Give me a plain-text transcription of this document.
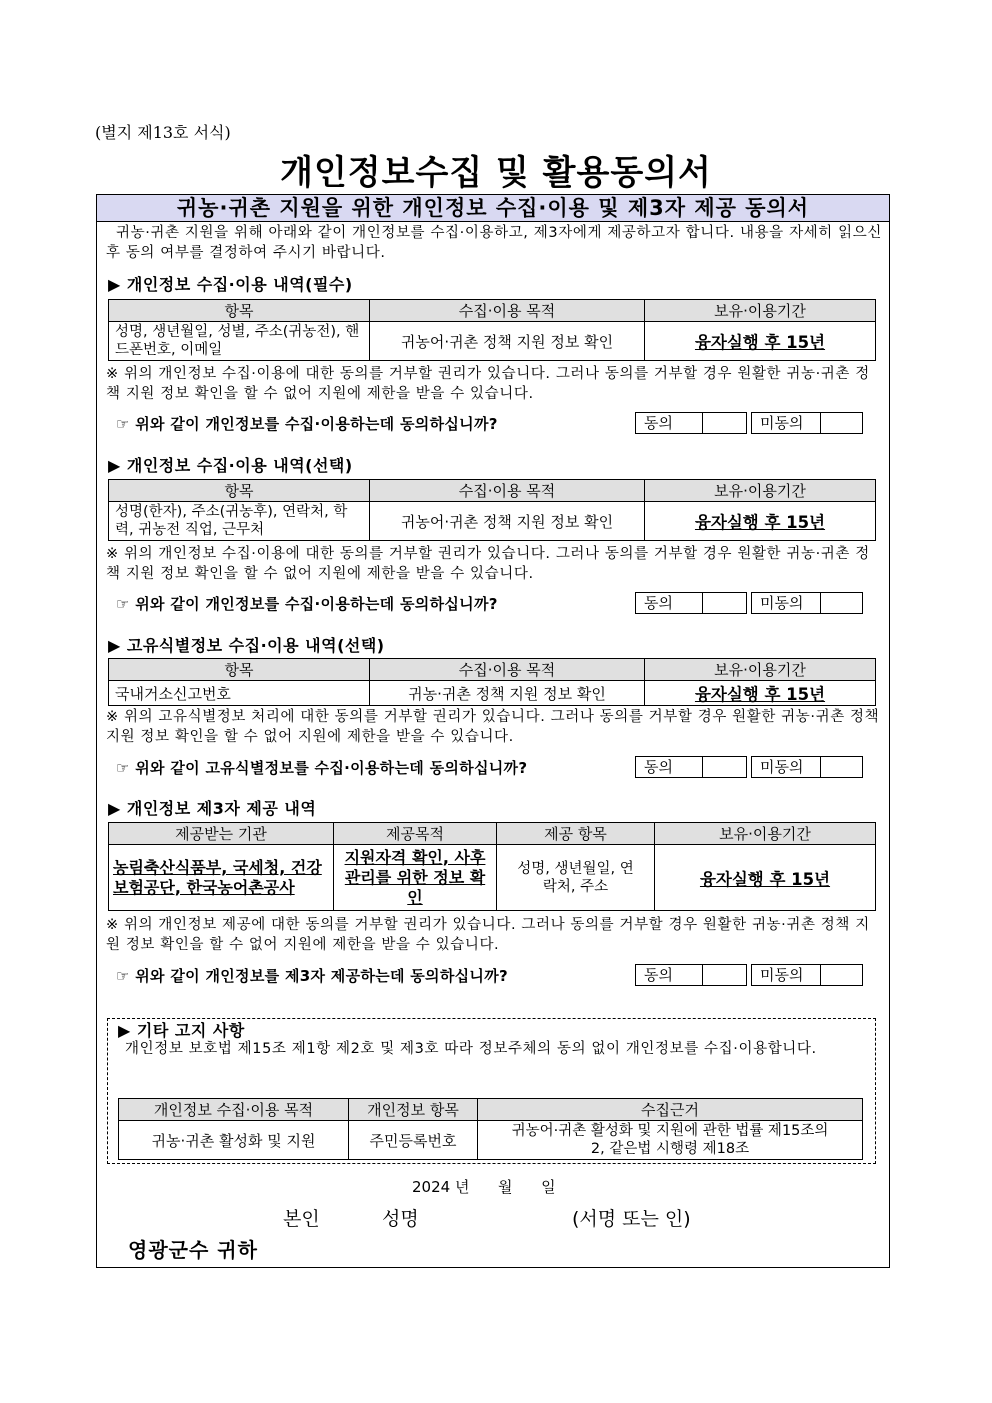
(별지 제13호 서식)
개인정보수집 및 활용동의서
귀농·귀촌 지원을 위한 개인정보 수집·이용 및 제3자 제공 동의서
귀농·귀촌 지원을 위해 아래와 같이 개인정보를 수집·이용하고, 제3자에게 제공하고자 합니다. 내용을 자세히 읽으신 후 동의 여부를 결정하여 주시기 바랍니다.
▶ 개인정보 수집·이용 내역(필수)
항목	수집·이용 목적	보유·이용기간
성명, 생년월일, 성별, 주소(귀농전), 핸드폰번호, 이메일	귀농어·귀촌 정책 지원 정보 확인	융자실행 후 15년
※ 위의 개인정보 수집·이용에 대한 동의를 거부할 권리가 있습니다. 그러나 동의를 거부할 경우 원활한 귀농·귀촌 정책 지원 정보 확인을 할 수 없어 지원에 제한을 받을 수 있습니다.
☞ 위와 같이 개인정보를 수집·이용하는데 동의하십니까?	동의	미동의
▶ 개인정보 수집·이용 내역(선택)
항목	수집·이용 목적	보유·이용기간
성명(한자), 주소(귀농후), 연락처, 학력, 귀농전 직업, 근무처	귀농어·귀촌 정책 지원 정보 확인	융자실행 후 15년
※ 위의 개인정보 수집·이용에 대한 동의를 거부할 권리가 있습니다. 그러나 동의를 거부할 경우 원활한 귀농·귀촌 정책 지원 정보 확인을 할 수 없어 지원에 제한을 받을 수 있습니다.
☞ 위와 같이 개인정보를 수집·이용하는데 동의하십니까?	동의	미동의
▶ 고유식별정보 수집·이용 내역(선택)
항목	수집·이용 목적	보유·이용기간
국내거소신고번호	귀농·귀촌 정책 지원 정보 확인	융자실행 후 15년
※ 위의 고유식별정보 처리에 대한 동의를 거부할 권리가 있습니다. 그러나 동의를 거부할 경우 원활한 귀농·귀촌 정책 지원 정보 확인을 할 수 없어 지원에 제한을 받을 수 있습니다.
☞ 위와 같이 고유식별정보를 수집·이용하는데 동의하십니까?	동의	미동의
▶ 개인정보 제3자 제공 내역
제공받는 기관	제공목적	제공 항목	보유·이용기간
농림축산식품부, 국세청, 건강보험공단, 한국농어촌공사	지원자격 확인, 사후관리를 위한 정보 확인	성명, 생년월일, 연락처, 주소	융자실행 후 15년
※ 위의 개인정보 제공에 대한 동의를 거부할 권리가 있습니다. 그러나 동의를 거부할 경우 원활한 귀농·귀촌 정책 지원 정보 확인을 할 수 없어 지원에 제한을 받을 수 있습니다.
☞ 위와 같이 개인정보를 제3자 제공하는데 동의하십니까?	동의	미동의
▶ 기타 고지 사항
개인정보 보호법 제15조 제1항 제2호 및 제3호 따라 정보주체의 동의 없이 개인정보를 수집·이용합니다.
개인정보 수집·이용 목적	개인정보 항목	수집근거
귀농·귀촌 활성화 및 지원	주민등록번호	귀농어·귀촌 활성화 및 지원에 관한 법률 제15조의2, 같은법 시행령 제18조
2024 년      월      일
본인	성명	(서명 또는 인)
영광군수 귀하
